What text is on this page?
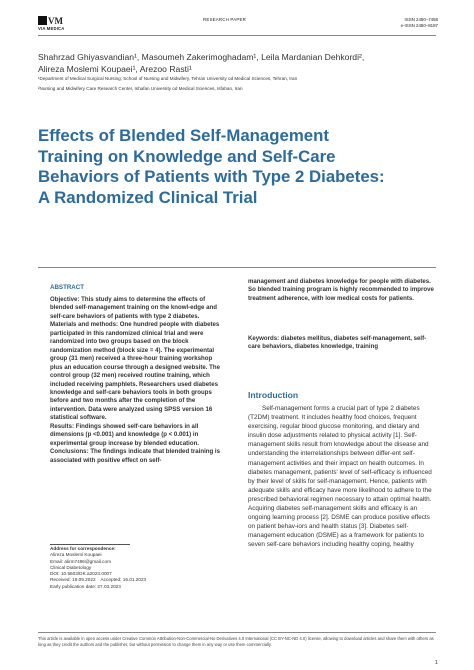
VM
VIA MEDICA
RESEARCH PAPER	ISSN 2450–7458
e-ISSN 2450–8187
Shahrzad Ghiyasvandian¹, Masoumeh Zakerimoghadam¹, Leila Mardanian Dehkordi²,
Alireza Moslemi Koupaei¹, Arezoo Rasti¹
¹Department of Medical Surgical Nursing, School of Nursing and Midwifery, Tehran University od Medical Sciences, Tehran, Iran
²Nursing and Midwifery Care Research Center, Ishafan University od Medical Sciences, Isfahan, Iran
Effects of Blended Self-Management
Training on Knowledge and Self-Care
Behaviors of Patients with Type 2 Diabetes:
A Randomized Clinical Trial
ABSTRACT

Objective: This study aims to determine the effects of blended self-management training on the knowl-edge and self-care behaviors of patients with type 2 diabetes.

Materials and methods: One hundred people with diabetes participated in this randomized clinical trial and were randomized into two groups based on the block randomization method (block size = 4). The experimental group (31 men) received a three-hour training workshop plus an education course through a designed website. The control group (32 men) received routine training, which included receiving pamphlets. Researchers used diabetes knowledge and self-care behaviors tools in both groups before and two months after the completion of the intervention. Data were analyzed using SPSS version 16 statistical software.

Results: Findings showed self-care behaviors in all dimensions (p <0.001) and knowledge (p < 0.001) in experimental group increase by blended education.

Conclusions: The findings indicate that blended training is associated with positive effect on self-

management and diabetes knowledge for people with diabetes. So blended training program is highly recommended to improve treatment adherence, with low medical costs for patients.
Keywords: diabetes mellitus, diabetes self-management, self-care behaviors, diabetes knowledge, training
Address for correspondence:
Alireza Moslemi Koupaei
Email: alirm7496@gmail.com
Clinical Diabetology
DOI: 10.5603/DK.a2023.0007
Received: 19.09.2022    Accepted: 16.01.2023
Early publication date: 27.03.2023
Introduction
Self-management forms a crucial part of type 2 diabetes (T2DM) treatment. It includes healthy food choices, frequent exercising, regular blood glucose monitoring, and dietary and insulin dose adjustments related to physical activity [1]. Self-management skills result from knowledge about the disease and understanding the interrelationships between differ-ent self-management activities and their impact on health outcomes. In diabetes management, patients' level of self-efficacy is influenced by their level of skills for self-management. Hence, patients with adequate skills and efficacy have more likelihood to adhere to the prescribed behavioral regimen necessary to attain optimal health. Acquiring diabetes self-management skills and efficacy is an ongoing learning process [2]. DSME can produce positive effects on patient behav-iors and health status [3]. Diabetes self-management education (DSME) as a framework for patients to seven self-care behaviors including healthy coping, healthy
This article is available in open access under Creative Common Attribution-Non-Commercial-No Derivatives 4.0 International (CC BY-NC-ND 4.0) license, allowing to download articles and share them with others as long as they credit the authors and the publisher, but without permission to change them in any way or use them commercially.
1
